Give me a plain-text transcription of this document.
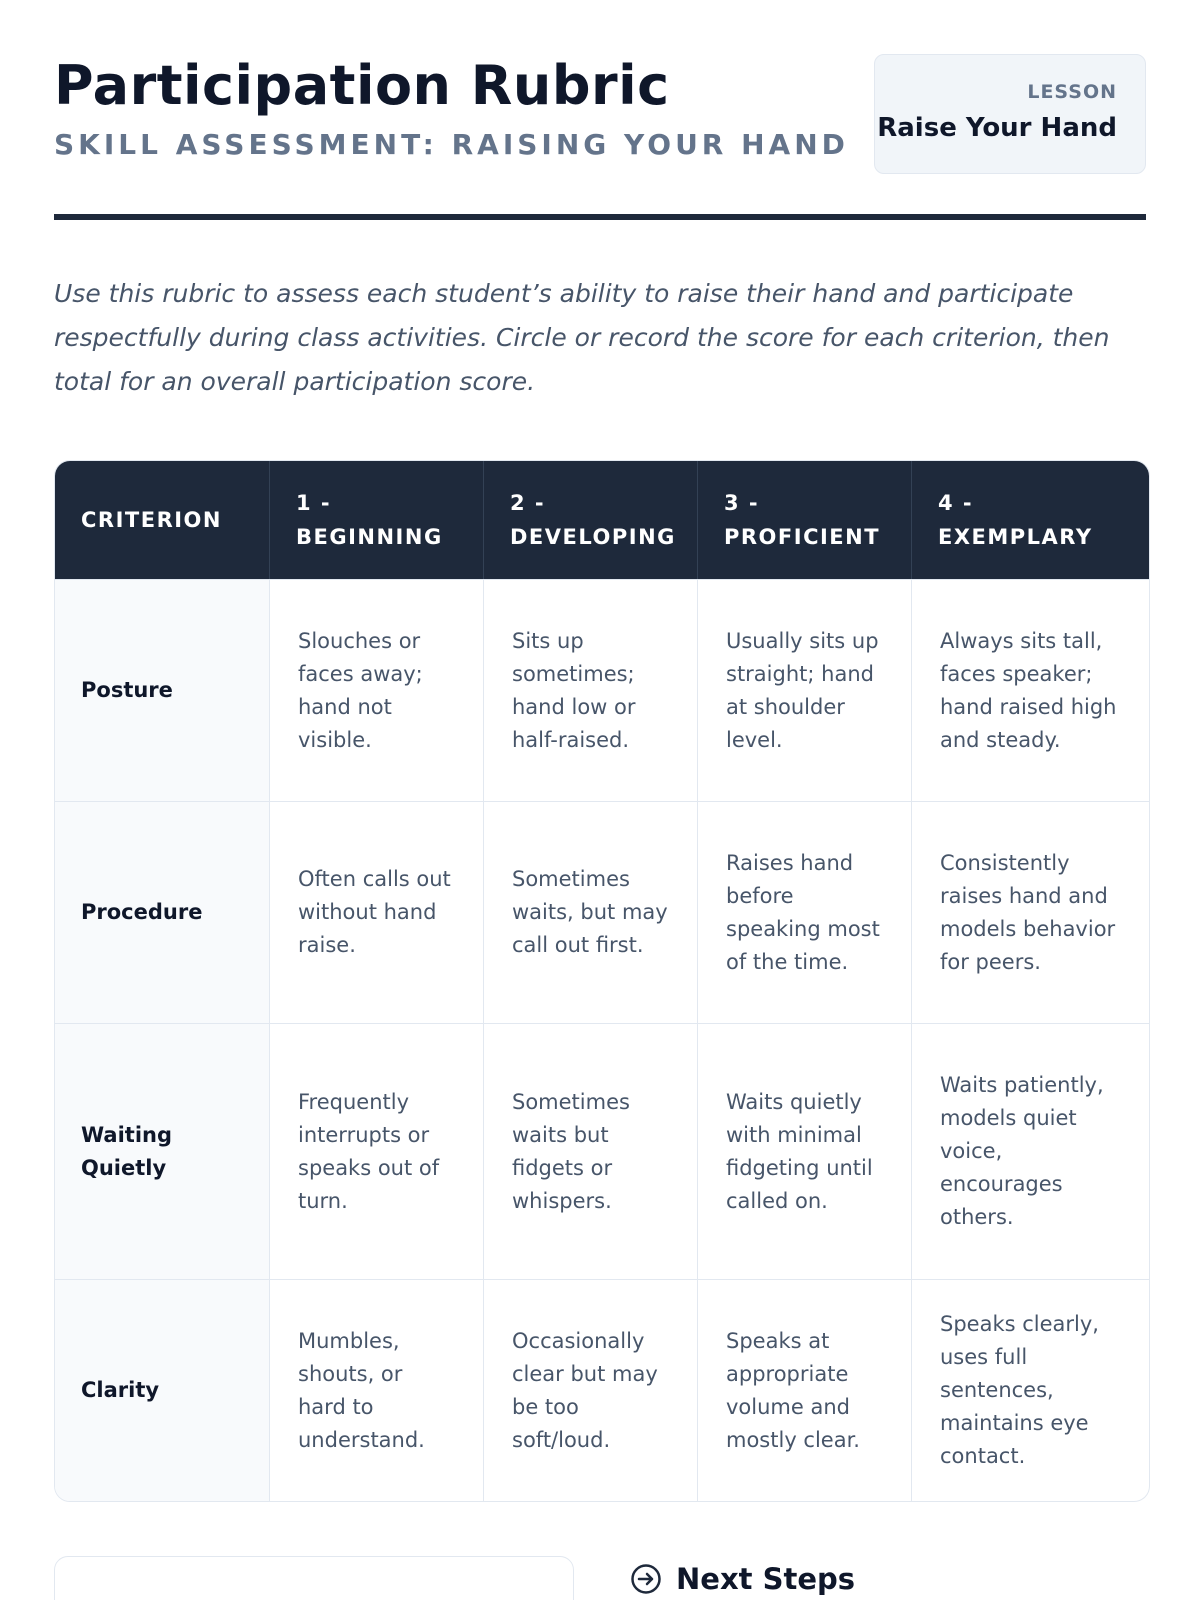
Participation Rubric
SKILL ASSESSMENT: RAISING YOUR HAND
LESSON
Raise Your Hand

Use this rubric to assess each student’s ability to raise their hand and participate respectfully during class activities. Circle or record the score for each criterion, then total for an overall participation score.

CRITERION	1 - BEGINNING	2 - DEVELOPING	3 - PROFICIENT	4 - EXEMPLARY
Posture	Slouches or faces away; hand not visible.	Sits up sometimes; hand low or half-raised.	Usually sits up straight; hand at shoulder level.	Always sits tall, faces speaker; hand raised high and steady.
Procedure	Often calls out without hand raise.	Sometimes waits, but may call out first.	Raises hand before speaking most of the time.	Consistently raises hand and models behavior for peers.
Waiting Quietly	Frequently interrupts or speaks out of turn.	Sometimes waits but fidgets or whispers.	Waits quietly with minimal fidgeting until called on.	Waits patiently, models quiet voice, encourages others.
Clarity	Mumbles, shouts, or hard to understand.	Occasionally clear but may be too soft/loud.	Speaks at appropriate volume and mostly clear.	Speaks clearly, uses full sentences, maintains eye contact.
Next Steps
